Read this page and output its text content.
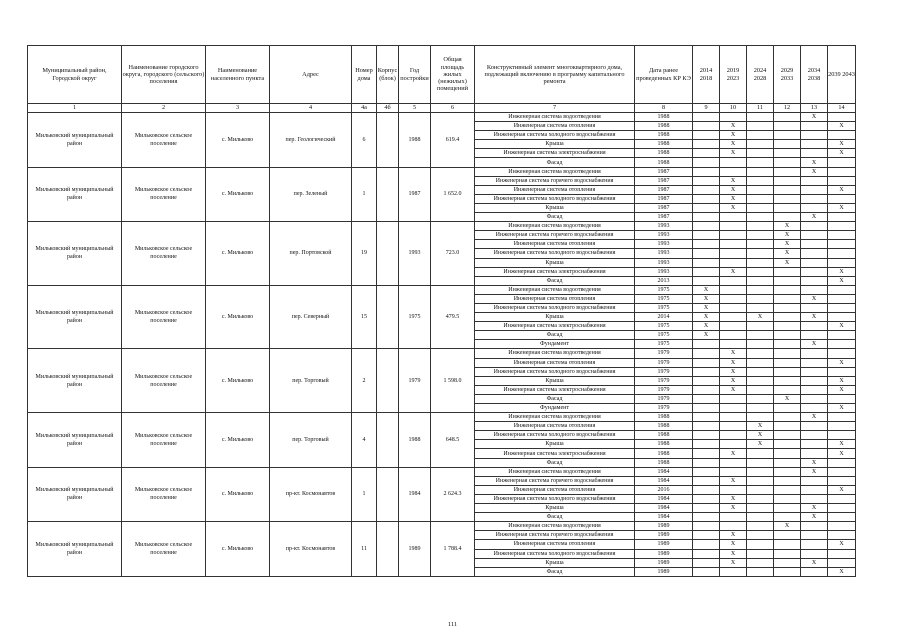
Муниципальный район, Городской округ	Наименование городского округа, городского (сельского) поселения	Наименование населенного пункта	Адрес	Номер дома	Корпус (блок)	Год постройки	Общая площадь жилых (нежилых) помещений	Конструктивный элемент многоквартирного дома, подлежащий включению в программу капитального ремонта	Дата ранее проведенных КР КЭ	2014 2018	2019 2023	2024 2028	2029 2033	2034 2038	2039 2043
1	2	3	4	4а	4б	5	6	7	8	9	10	11	12	13	14
Мильковский муниципальный район	Мильковское сельское поселение	с. Мильково	пер. Геологический	6		1988	619.4	Инженерная система водоотведения	1988					X	
								Инженерная система отопления	1988		X				X
								Инженерная система холодного водоснабжения	1988		X				
								Крыша	1988		X				X
								Инженерная система электроснабжения	1988		X				X
								Фасад	1988					X	
Мильковский муниципальный район	Мильковское сельское поселение	с. Мильково	пер. Зеленый	1		1987	1 652.0	Инженерная система водоотведения	1987					X	
								Инженерная система горячего водоснабжения	1987		X				
								Инженерная система отопления	1987		X				X
								Инженерная система холодного водоснабжения	1987		X				
								Крыша	1987		X				X
								Фасад	1987					X	
Мильковский муниципальный район	Мильковское сельское поселение	с. Мильково	пер. Портовской	19		1993	723.0	Инженерная система водоотведения	1993				X		
								Инженерная система горячего водоснабжения	1993				X		
								Инженерная система отопления	1993				X		
								Инженерная система холодного водоснабжения	1993				X		
								Крыша	1993				X		
								Инженерная система электроснабжения	1993		X				X
								Фасад	2013						X
Мильковский муниципальный район	Мильковское сельское поселение	с. Мильково	пер. Северный	15		1975	479.5	Инженерная система водоотведения	1975	X					
								Инженерная система отопления	1975	X				X	
								Инженерная система холодного водоснабжения	1975	X					
								Крыша	2014	X		X		X	
								Инженерная система электроснабжения	1975	X					X
								Фасад	1975	X					
								Фундамент	1975					X	
Мильковский муниципальный район	Мильковское сельское поселение	с. Мильково	пер. Торговый	2		1979	1 598.0	Инженерная система водоотведения	1979		X				
								Инженерная система отопления	1979		X				X
								Инженерная система холодного водоснабжения	1979		X				
								Крыша	1979		X				X
								Инженерная система электроснабжения	1979		X				X
								Фасад	1979				X		
								Фундамент	1979						X
Мильковский муниципальный район	Мильковское сельское поселение	с. Мильково	пер. Торговый	4		1988	648.5	Инженерная система водоотведения	1988					X	
								Инженерная система отопления	1988			X			
								Инженерная система холодного водоснабжения	1988			X			
								Крыша	1988			X			X
								Инженерная система электроснабжения	1988		X				X
								Фасад	1988					X	
Мильковский муниципальный район	Мильковское сельское поселение	с. Мильково	пр-кт. Космонавтов	1		1984	2 624.3	Инженерная система водоотведения	1984					X	
								Инженерная система горячего водоснабжения	1984		X				
								Инженерная система отопления	2016						X
								Инженерная система холодного водоснабжения	1984		X				
								Крыша	1984		X			X	
								Фасад	1984					X	
Мильковский муниципальный район	Мильковское сельское поселение	с. Мильково	пр-кт. Космонавтов	11		1989	1 788.4	Инженерная система водоотведения	1989				X		
								Инженерная система горячего водоснабжения	1989		X				
								Инженерная система отопления	1989		X				X
								Инженерная система холодного водоснабжения	1989		X				
								Крыша	1989		X			X	
								Фасад	1989						X
111
